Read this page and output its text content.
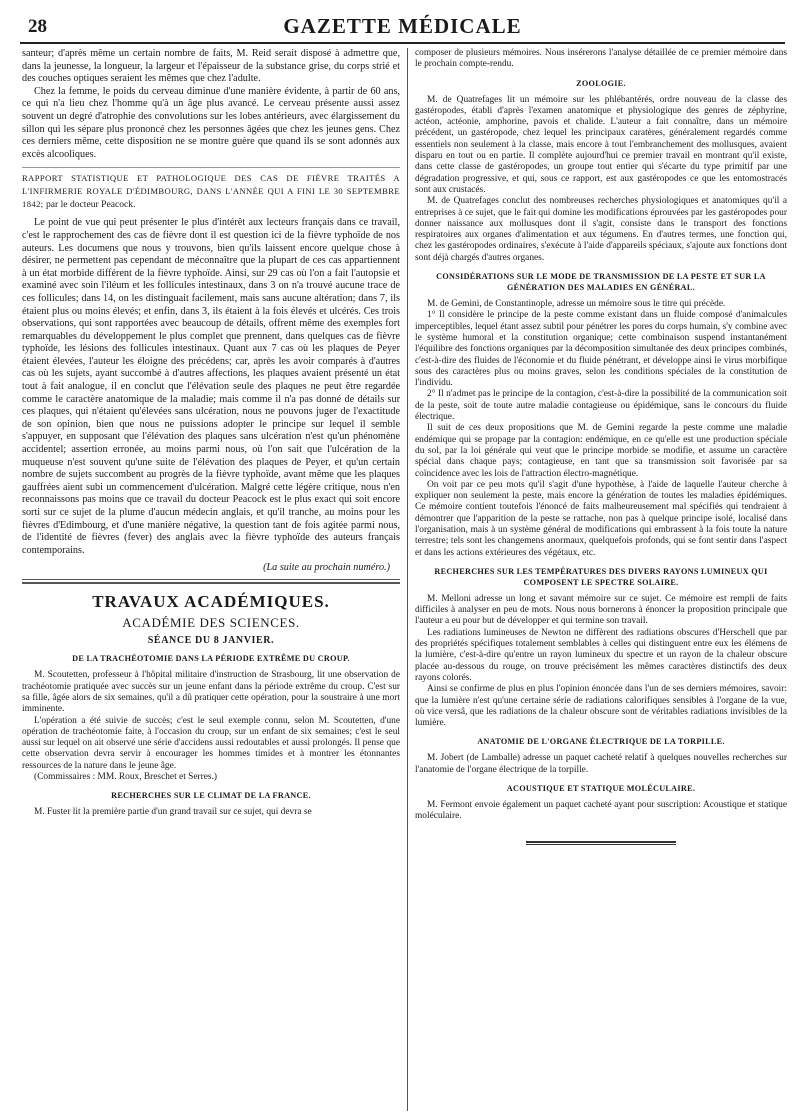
28	GAZETTE MÉDICALE

santeur; d'après même un certain nombre de faits, M. Reid serait disposé à admettre que, dans la jeunesse, la longueur, la largeur et l'épaisseur de la substance grise, du corps strié et des couches optiques seraient les mêmes que chez l'adulte.

Chez la femme, le poids du cerveau diminue d'une manière évidente, à partir de 60 ans, ce qui n'a lieu chez l'homme qu'à un âge plus avancé. Le cerveau présente aussi assez souvent un degré d'atrophie des convolutions sur les lobes antérieurs, avec élargissement du sillon qui les sépare plus prononcé chez les personnes âgées que chez les jeunes gens. Chez ces derniers même, cette disposition ne se montre guère que quand ils se sont adonnés aux excès alcooliques.

RAPPORT STATISTIQUE ET PATHOLOGIQUE DES CAS DE FIÈVRE TRAITÉS A L'INFIRMERIE ROYALE D'ÉDIMBOURG, DANS L'ANNÉE QUI A FINI LE 30 SEPTEMBRE 1842; par le docteur Peacock.

Le point de vue qui peut présenter le plus d'intérêt aux lecteurs français dans ce travail, c'est le rapprochement des cas de fièvre dont il est question ici de la fièvre typhoïde de nos auteurs. Les documens que nous y trouvons, bien qu'ils laissent encore quelque chose à désirer, ne permettent pas cependant de méconnaître que la plupart de ces cas appartiennent à un état morbide différent de la fièvre typhoïde. Ainsi, sur 29 cas où l'on a fait l'autopsie et examiné avec soin l'iléum et les follicules intestinaux, dans 3 on n'a trouvé aucune trace de ces follicules; dans 14, on les distinguait facilement, mais sans aucune altération; dans 7, ils étaient plus ou moins élevés; et enfin, dans 3, ils étaient à la fois élevés et ulcérés. Ces trois observations, qui sont rapportées avec beaucoup de détails, offrent même des exemples fort remarquables du développement le plus complet que prennent, dans quelques cas de fièvre typhoïde, les lésions des follicules intestinaux. Quant aux 7 cas où les plaques de Peyer étaient élevées, l'auteur les éloigne des précédens; car, après les avoir comparés à d'autres cas où les sujets, ayant succombé à d'autres affections, les plaques avaient présenté un état tout à fait analogue, il en conclut que l'élévation seule des plaques ne peut être regardée comme le caractère anatomique de la maladie; mais comme il n'a pas donné de détails sur ces plaques, qui n'étaient qu'élevées sans ulcération, nous ne pouvons juger de l'exactitude de son opinion, bien que nous ne puissions adopter le principe sur lequel il semble s'appuyer, en supposant que l'élévation des plaques sans ulcération n'est qu'un phénomène accidentel; assertion erronée, au moins parmi nous, où l'on sait que l'ulcération de la muqueuse n'est souvent qu'une suite de l'élévation des plaques de Peyer, et qu'un certain nombre de sujets succombent au progrès de la fièvre typhoïde, avant même que les plaques gauffrées aient subi un commencement d'ulcération. Malgré cette légère critique, nous n'en reconnaissons pas moins que ce travail du docteur Peacock est le plus exact qui soit encore sorti sur ce sujet de la plume d'aucun médecin anglais, et qu'il tranche, au moins pour les fièvres d'Edimbourg, et d'une manière négative, la question tant de fois agitée parmi nous, de l'identité de fièvres (fever) des anglais avec la fièvre typhoïde des auteurs français contemporains.

(La suite au prochain numéro.)
TRAVAUX ACADÉMIQUES.
ACADÉMIE DES SCIENCES.
SÉANCE DU 8 JANVIER.
DE LA TRACHÉOTOMIE DANS LA PÉRIODE EXTRÊME DU CROUP.

M. Scoutetten, professeur à l'hôpital militaire d'instruction de Strasbourg, lit une observation de trachéotomie pratiquée avec succès sur un jeune enfant dans la période extrême du croup. C'est sur sa fille, âgée alors de six semaines, qu'il a dû pratiquer cette opération, pour la soustraire à une mort imminente.

L'opération a été suivie de succès; c'est le seul exemple connu, selon M. Scoutetten, d'une opération de trachéotomie faite, à l'occasion du croup, sur un enfant de six semaines; c'est le seul aussi sur lequel on ait observé une série d'accidens aussi redoutables et aussi prolongés. Il pense que cette observation devra servir à encourager les hommes timides et à montrer les étonnantes ressources de la nature dans le jeune âge.

(Commissaires : MM. Roux, Breschet et Serres.)

RECHERCHES SUR LE CLIMAT DE LA FRANCE.

M. Fuster lit la première partie d'un grand travail sur ce sujet, qui devra se

composer de plusieurs mémoires. Nous insérerons l'analyse détaillée de ce premier mémoire dans le prochain compte-rendu.

ZOOLOGIE.

M. de Quatrefages lit un mémoire sur les phlébantérés, ordre nouveau de la classe des gastéropodes, établi d'après l'examen anatomique et physiologique des genres de zéphyrine, actéon, actéonie, amphorine, pavois et chalide. L'auteur a fait connaître, dans un mémoire précédent, un gastéropode, chez lequel les principaux caratères, généralement regardés comme essentiels non seulement à la classe, mais encore à tout l'embranchement des mollusques, avaient disparu en tout ou en partie. Il complète aujourd'hui ce premier travail en montrant qu'il existe, dans cette classe de gastéropodes, un groupe tout entier qui s'écarte du type primitif par une dégradation progressive, et qui, sous ce rapport, est aux gastéropodes ce que les entomostracés sont aux crustacés.

M. de Quatrefages conclut des nombreuses recherches physiologiques et anatomiques qu'il a entreprises à ce sujet, que le fait qui domine les modifications éprouvées par les gastéropodes pour donner naissance aux mollusques dont il s'agit, consiste dans le transport des fonctions respiratoires aux organes d'alimentation et aux tégumens. En d'autres termes, une fonction qui, chez les gastéropodes ordinaires, s'exécute à l'aide d'appareils spéciaux, s'ajoute aux fonctions dont sont déjà chargés d'autres organes.

CONSIDÉRATIONS SUR LE MODE DE TRANSMISSION DE LA PESTE ET SUR LA GÉNÉRATION DES MALADIES EN GÉNÉRAL.

M. de Gemini, de Constantinople, adresse un mémoire sous le titre qui précède.

1° Il considère le principe de la peste comme existant dans un fluide composé d'animalcules imperceptibles, lequel étant assez subtil pour pénétrer les pores du corps humain, s'y combine avec le système humoral et la constitution organique; cette combinaison suspend instantanément l'équilibre des fonctions organiques par la décomposition simultanée des deux principes combinés, c'est-à-dire des fluides de l'économie et du fluide pénétrant, et développe ainsi le virus morbifique sous des caractères plus ou moins graves, selon les conditions spéciales de la constitution de l'individu.

2° Il n'admet pas le principe de la contagion, c'est-à-dire la possibilité de la communication soit de la peste, soit de toute autre maladie contagieuse ou épidémique, sans le concours du fluide électrique.

Il suit de ces deux propositions que M. de Gemini regarde la peste comme une maladie endémique qui se propage par la contagion: endémique, en ce qu'elle est une production spéciale du sol, par la loi générale qui veut que le principe morbide se modifie, et assume un caractère spécial dans chaque pays; contagieuse, en tant que sa transmission soit favorisée par sa coïncidence avec les lois de l'attraction électro-magnétique.

On voit par ce peu mots qu'il s'agit d'une hypothèse, à l'aide de laquelle l'auteur cherche à expliquer non seulement la peste, mais encore la génération de toutes les maladies épidémiques. Ce mémoire contient toutefois l'énoncé de faits malheureusement mal spécifiés qui tendraient à démontrer que l'apparition de la peste se rattache, non pas à quelque principe isolé, localisé dans l'organisation, mais à un système général de modifications qui embrassent à la fois toute la nature terrestre; tels sont les changemens anormaux, quelquefois profonds, qui se font sentir dans l'aspect et dans les actions extérieures des végétaux, etc.

RECHERCHES SUR LES TEMPÉRATURES DES DIVERS RAYONS LUMINEUX QUI COMPOSENT LE SPECTRE SOLAIRE.

M. Melloni adresse un long et savant mémoire sur ce sujet. Ce mémoire est rempli de faits difficiles à analyser en peu de mots. Nous nous bornerons à énoncer la proposition principale que l'auteur a eu pour but de développer et qui termine son travail.

Les radiations lumineuses de Newton ne diffèrent des radiations obscures d'Herschell que par des propriétés spécifiques totalement semblables à celles qui distinguent entre eux les élémens de la lumière, c'est-à-dire qu'entre un rayon lumineux du spectre et un rayon de la chaleur obscure placée au-dessous du rouge, on trouve précisément les mêmes caractères distinctifs des deux rayons colorés.

Ainsi se confirme de plus en plus l'opinion énoncée dans l'un de ses derniers mémoires, savoir: que la lumière n'est qu'une certaine série de radiations calorifiques sensibles à l'organe de la vue, où vice versâ, que les radiations de la chaleur obscure sont de véritables radiations invisibles de la lumière.

ANATOMIE DE L'ORGANE ÉLECTRIQUE DE LA TORPILLE.

M. Jobert (de Lamballe) adresse un paquet cacheté relatif à quelques nouvelles recherches sur l'anatomie de l'organe électrique de la torpille.

ACOUSTIQUE ET STATIQUE MOLÉCULAIRE.

M. Fermont envoie également un paquet cacheté ayant pour suscription: Acoustique et statique moléculaire.
